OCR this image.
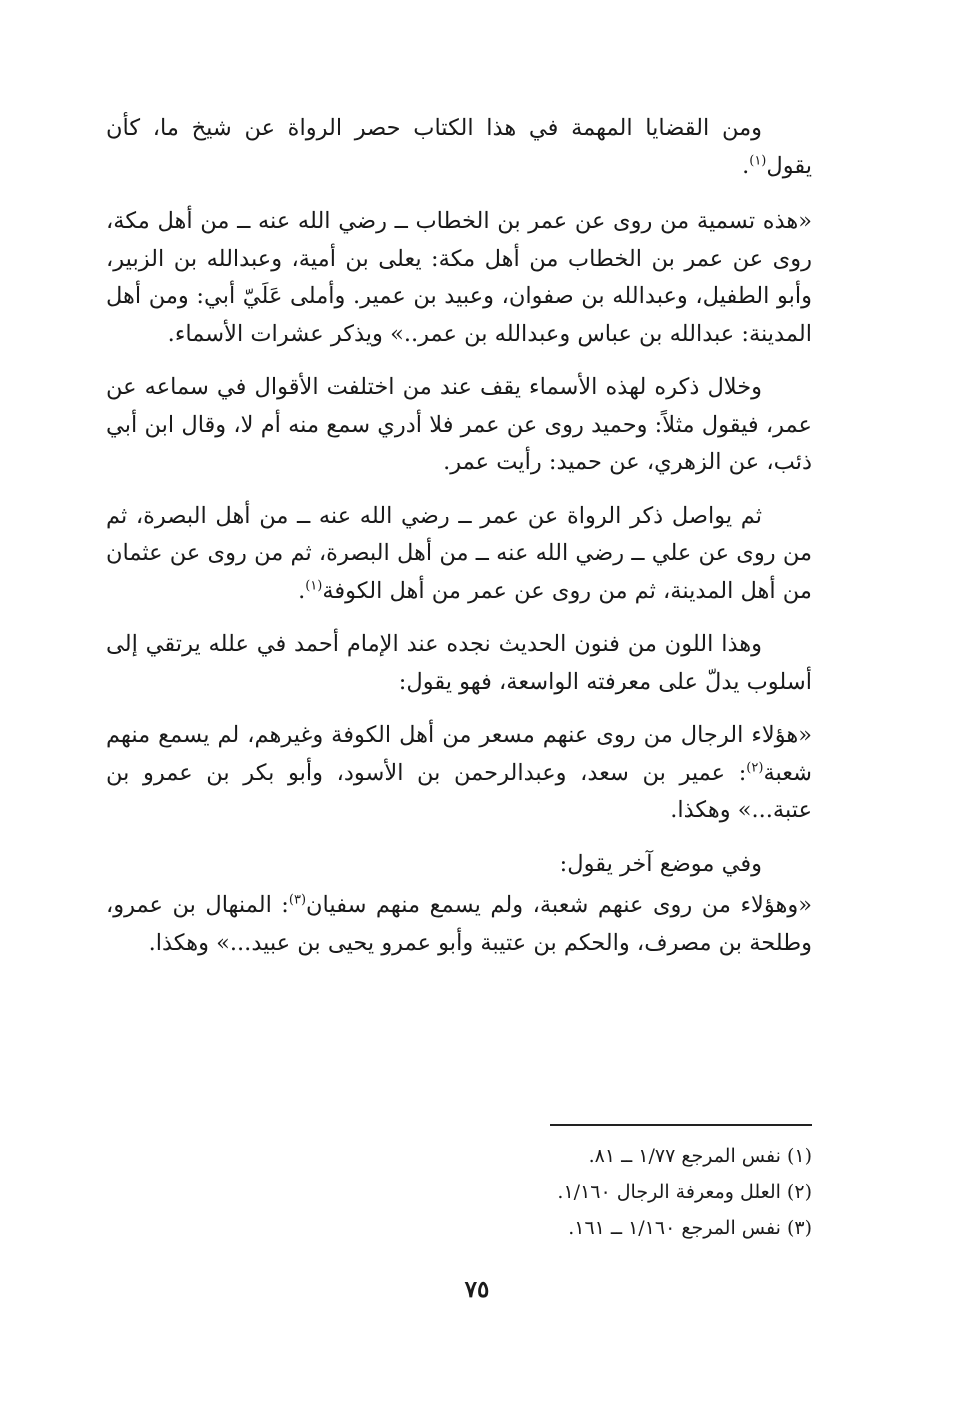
ومن القضايا المهمة في هذا الكتاب حصر الرواة عن شيخ ما، كأن يقول$^{(١)}$.

«هذه تسمية من روى عن عمر بن الخطاب ــ رضي الله عنه ــ من أهل مكة، روى عن عمر بن الخطاب من أهل مكة: يعلى بن أمية، وعبدالله بن الزبير، وأبو الطفيل، وعبدالله بن صفوان، وعبيد بن عمير. وأملى عَلَيّ أبي: ومن أهل المدينة: عبدالله بن عباس وعبدالله بن عمر..» ويذكر عشرات الأسماء.

وخلال ذكره لهذه الأسماء يقف عند من اختلفت الأقوال في سماعه عن عمر، فيقول مثلاً: وحميد روى عن عمر فلا أدري سمع منه أم لا، وقال ابن أبي ذئب، عن الزهري، عن حميد: رأيت عمر.

ثم يواصل ذكر الرواة عن عمر ــ رضي الله عنه ــ من أهل البصرة، ثم من روى عن علي ــ رضي الله عنه ــ من أهل البصرة، ثم من روى عن عثمان من أهل المدينة، ثم من روى عن عمر من أهل الكوفة$^{(١)}$.

وهذا اللون من فنون الحديث نجده عند الإمام أحمد في علله يرتقي إلى أسلوب يدلّ على معرفته الواسعة، فهو يقول:

«هؤلاء الرجال من روى عنهم مسعر من أهل الكوفة وغيرهم، لم يسمع منهم شعبة$^{(٢)}$: عمير بن سعد، وعبدالرحمن بن الأسود، وأبو بكر بن عمرو بن عتبة...» وهكذا.

وفي موضع آخر يقول:

«وهؤلاء من روى عنهم شعبة، ولم يسمع منهم سفيان$^{(٣)}$: المنهال بن عمرو، وطلحة بن مصرف، والحكم بن عتيبة وأبو عمرو يحيى بن عبيد...» وهكذا.

(١) نفس المرجع ١/٧٧ ــ ٨١.
(٢) العلل ومعرفة الرجال ١/١٦٠.
(٣) نفس المرجع ١/١٦٠ ــ ١٦١.
٧٥
